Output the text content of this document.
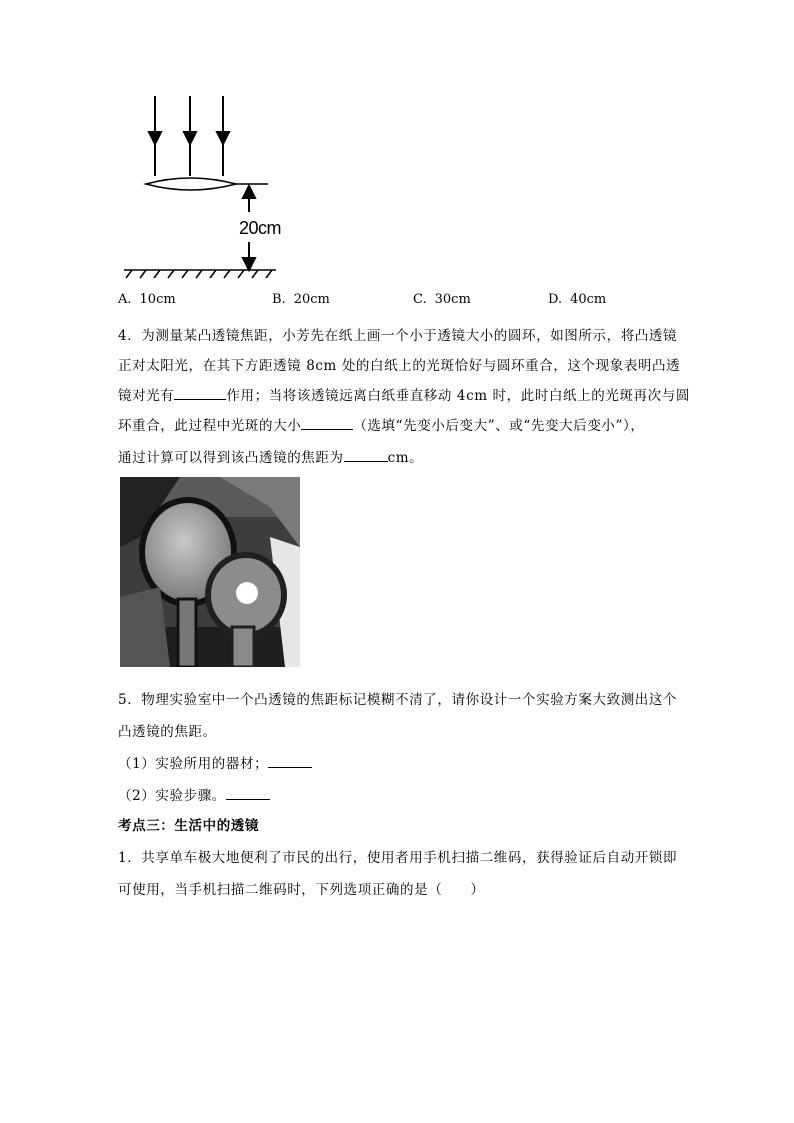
20cm
A. 10cm	B. 20cm	C. 30cm	D. 40cm
4．为测量某凸透镜焦距，小芳先在纸上画一个小于透镜大小的圆环，如图所示，将凸透镜
正对太阳光，在其下方距透镜 8cm 处的白纸上的光斑恰好与圆环重合，这个现象表明凸透
镜对光有	作用；当将该透镜远离白纸垂直移动 4cm 时，此时白纸上的光斑再次与圆
环重合，此过程中光斑的大小	（选填“先变小后变大”、或“先变大后变小”），
通过计算可以得到该凸透镜的焦距为	cm。
5．物理实验室中一个凸透镜的焦距标记模糊不清了，请你设计一个实验方案大致测出这个
凸透镜的焦距。
（1）实验所用的器材；
（2）实验步骤。
考点三：生活中的透镜
1．共享单车极大地便利了市民的出行，使用者用手机扫描二维码，获得验证后自动开锁即
可使用，当手机扫描二维码时，下列选项正确的是（　　）
